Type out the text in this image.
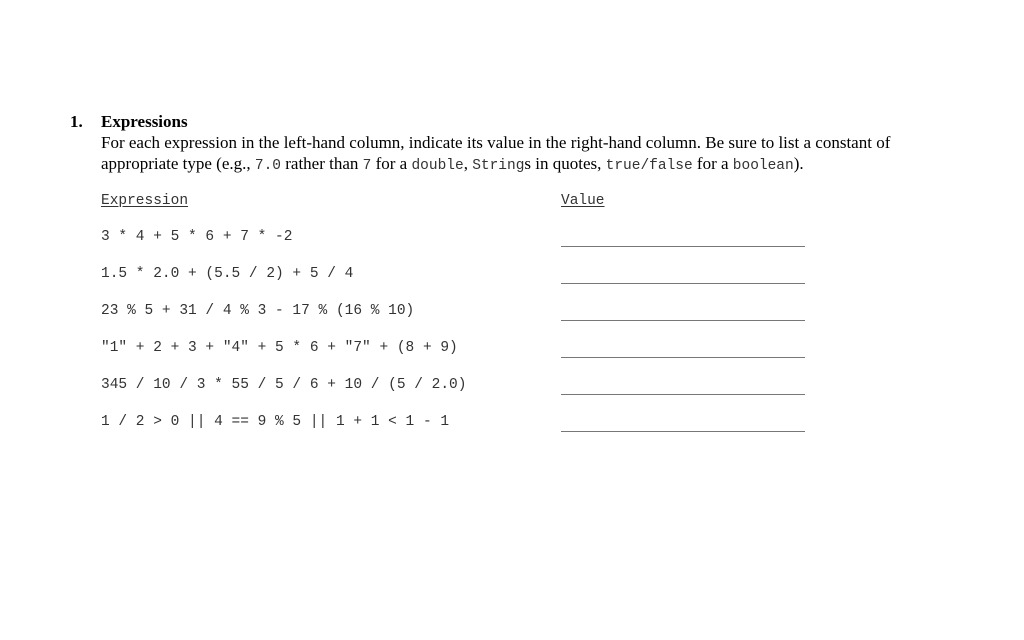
1. Expressions
For each expression in the left-hand column, indicate its value in the right-hand column. Be sure to list a constant of appropriate type (e.g., 7.0 rather than 7 for a double, Strings in quotes, true/false for a boolean).
Expression	Value
3 * 4 + 5 * 6 + 7 * -2
1.5 * 2.0 + (5.5 / 2) + 5 / 4
23 % 5 + 31 / 4 % 3 - 17 % (16 % 10)
"1" + 2 + 3 + "4" + 5 * 6 + "7" + (8 + 9)
345 / 10 / 3 * 55 / 5 / 6 + 10 / (5 / 2.0)
1 / 2 > 0 || 4 == 9 % 5 || 1 + 1 < 1 - 1
